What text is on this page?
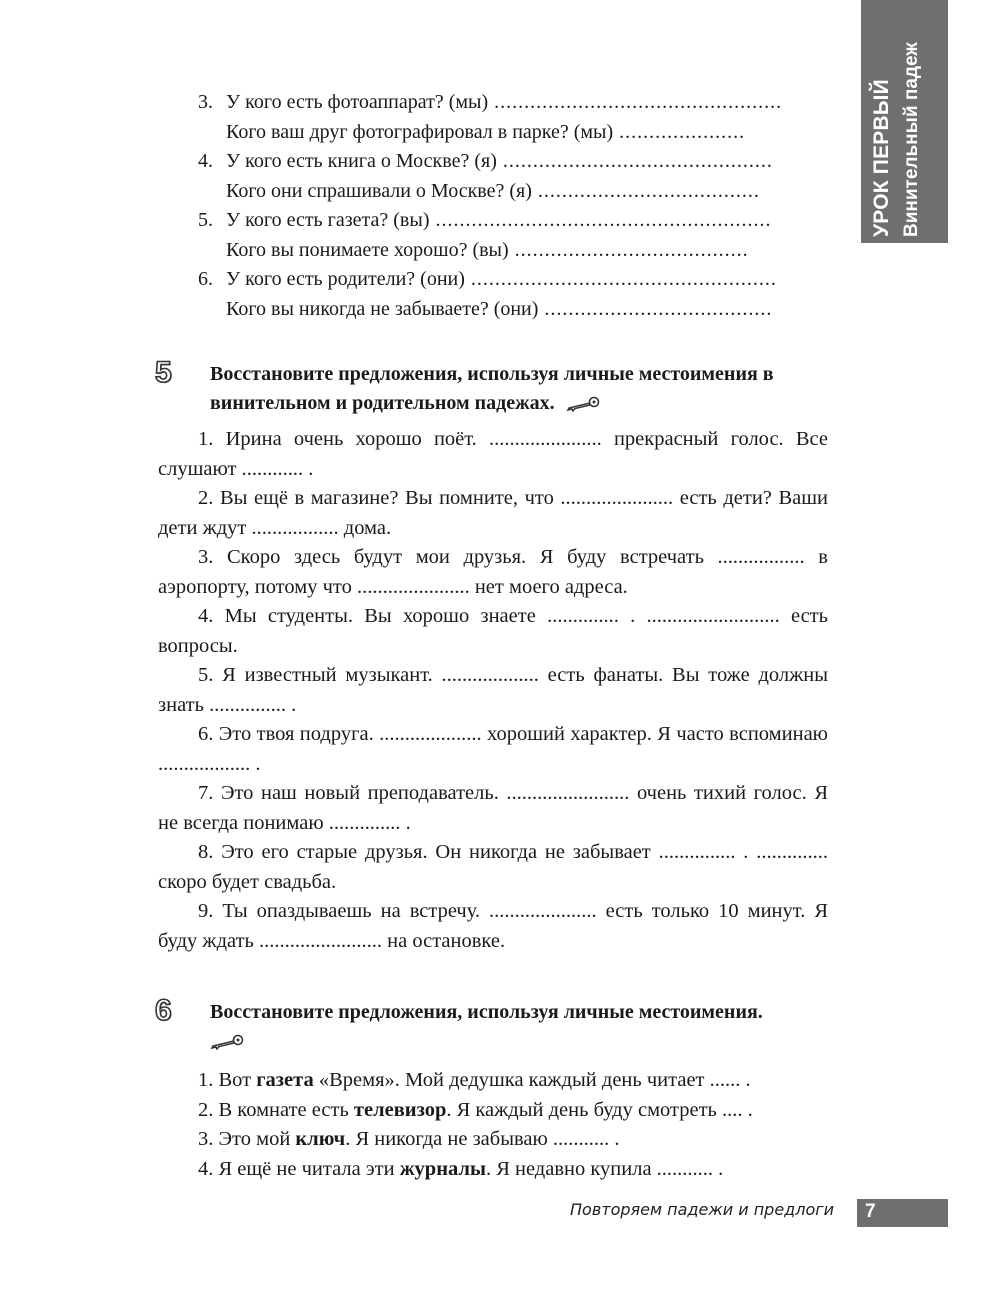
УРОК ПЕРВЫЙ Винительный падеж
3. У кого есть фотоаппарат? (мы) ................................................
Кого ваш друг фотографировал в парке? (мы) .....................
4. У кого есть книга о Москве? (я) .............................................
Кого они спрашивали о Москве? (я) .....................................
5. У кого есть газета? (вы) ........................................................
Кого вы понимаете хорошо? (вы) .......................................
6. У кого есть родители? (они) ...................................................
Кого вы никогда не забываете? (они) ......................................
5 Восстановите предложения, используя личные местоимения в винительном и родительном падежах.

1. Ирина очень хорошо поёт. ...................... прекрасный голос. Все слушают ............ .

2. Вы ещё в магазине? Вы помните, что ...................... есть дети? Ваши дети ждут ................. дома.

3. Скоро здесь будут мои друзья. Я буду встречать ................. в аэропорту, потому что ...................... нет моего адреса.

4. Мы студенты. Вы хорошо знаете .............. . .......................... есть вопросы.

5. Я известный музыкант. ................... есть фанаты. Вы тоже должны знать ............... .

6. Это твоя подруга. .................... хороший характер. Я часто вспоминаю .................. .

7. Это наш новый преподаватель. ........................ очень тихий голос. Я не всегда понимаю .............. .

8. Это его старые друзья. Он никогда не забывает ............... . .............. скоро будет свадьба.

9. Ты опаздываешь на встречу. ..................... есть только 10 минут. Я буду ждать ........................ на остановке.

6 Восстановите предложения, используя личные местоимения.

1. Вот газета «Время». Мой дедушка каждый день читает ...... .
2. В комнате есть телевизор. Я каждый день буду смотреть .... .
3. Это мой ключ. Я никогда не забываю ........... .
4. Я ещё не читала эти журналы. Я недавно купила ........... .
Повторяем падежи и предлоги 7
